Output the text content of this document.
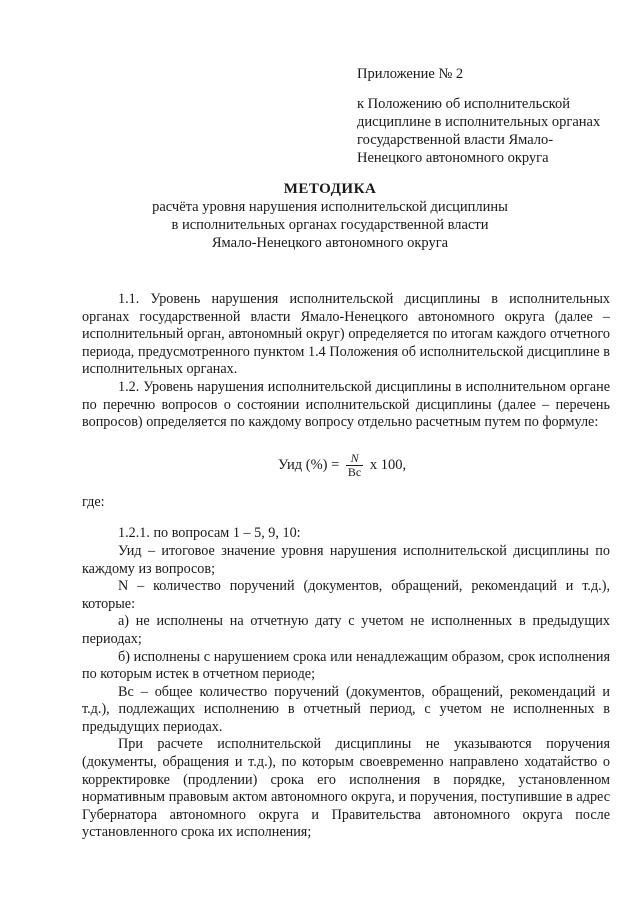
Приложение № 2
к Положению об исполнительской
дисциплине в исполнительных органах
государственной власти Ямало-
Ненецкого автономного округа
МЕТОДИКА
расчёта уровня нарушения исполнительской дисциплины
в исполнительных органах государственной власти
Ямало-Ненецкого автономного округа

1.1. Уровень нарушения исполнительской дисциплины в исполнительных органах государственной власти Ямало-Ненецкого автономного округа (далее – исполнительный орган, автономный округ) определяется по итогам каждого отчетного периода, предусмотренного пунктом 1.4 Положения об исполнительской дисциплине в исполнительных органах.

1.2. Уровень нарушения исполнительской дисциплины в исполнительном органе по перечню вопросов о состоянии исполнительской дисциплины (далее – перечень вопросов) определяется по каждому вопросу отдельно расчетным путем по формуле:

Уид (%) = $\frac{N}{Вс}$ x 100,

где:

1.2.1. по вопросам 1 – 5, 9, 10:

Уид – итоговое значение уровня нарушения исполнительской дисциплины по каждому из вопросов;

N – количество поручений (документов, обращений, рекомендаций и т.д.), которые:

а) не исполнены на отчетную дату с учетом не исполненных в предыдущих периодах;

б) исполнены с нарушением срока или ненадлежащим образом, срок исполнения по которым истек в отчетном периоде;

Вс – общее количество поручений (документов, обращений, рекомендаций и т.д.), подлежащих исполнению в отчетный период, с учетом не исполненных в предыдущих периодах.

При расчете исполнительской дисциплины не указываются поручения (документы, обращения и т.д.), по которым своевременно направлено ходатайство о корректировке (продлении) срока его исполнения в порядке, установленном нормативным правовым актом автономного округа, и поручения, поступившие в адрес Губернатора автономного округа и Правительства автономного округа после установленного срока их исполнения;
